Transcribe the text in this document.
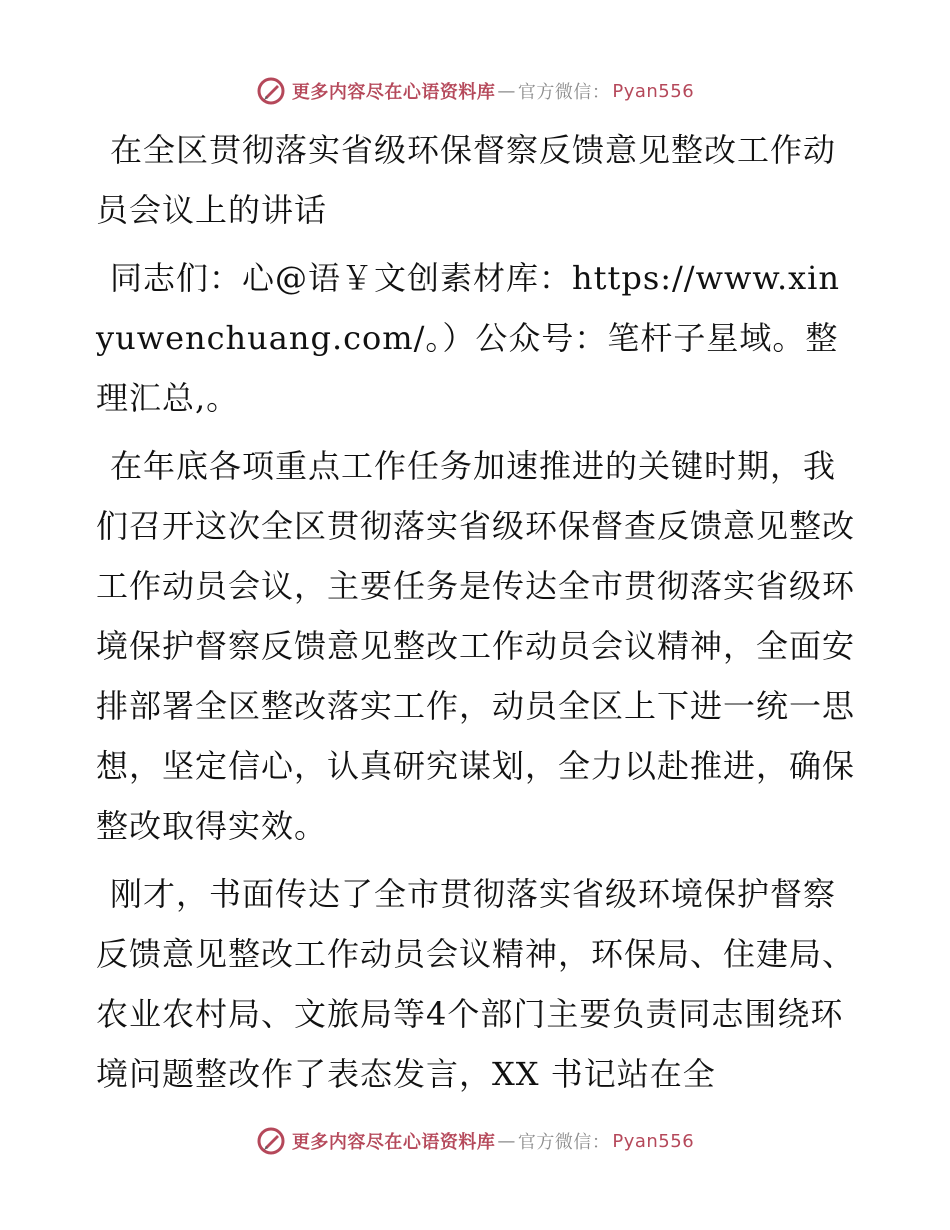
更多内容尽在心语资料库 — 官方微信： Pyan556

在全区贯彻落实省级环保督察反馈意见整改工作动员会议上的讲话

同志们：心@语￥文创素材库：https://www.xinyuwenchuang.com/。）公众号：笔杆子星域。整理汇总,。

在年底各项重点工作任务加速推进的关键时期，我们召开这次全区贯彻落实省级环保督查反馈意见整改工作动员会议，主要任务是传达全市贯彻落实省级环境保护督察反馈意见整改工作动员会议精神，全面安排部署全区整改落实工作，动员全区上下进一统一思想，坚定信心，认真研究谋划，全力以赴推进，确保整改取得实效。

刚才，书面传达了全市贯彻落实省级环境保护督察反馈意见整改工作动员会议精神，环保局、住建局、农业农村局、文旅局等4个部门主要负责同志围绕环境问题整改作了表态发言，XX 书记站在全

更多内容尽在心语资料库 — 官方微信： Pyan556
